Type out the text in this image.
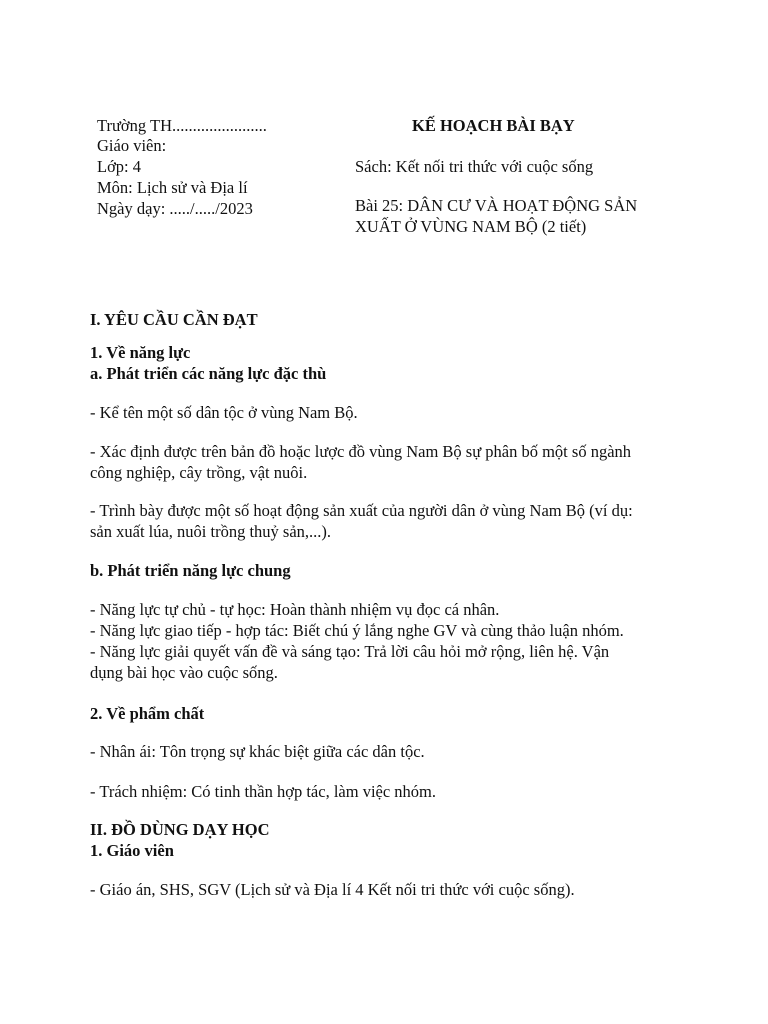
Trường TH.......................
Giáo viên:
Lớp: 4
Môn: Lịch sử và Địa lí
Ngày dạy: ...../...../2023
KẾ HOẠCH BÀI BẠY
Sách: Kết nối tri thức với cuộc sống
Bài 25: DÂN CƯ VÀ HOẠT ĐỘNG SẢN
XUẤT Ở VÙNG NAM BỘ (2 tiết)
I. YÊU CẦU CẦN ĐẠT
1. Về năng lực
a. Phát triển các năng lực đặc thù
- Kể tên một số dân tộc ở vùng Nam Bộ.
- Xác định được trên bản đồ hoặc lược đồ vùng Nam Bộ sự phân bố một số ngành
công nghiệp, cây trồng, vật nuôi.
- Trình bày được một số hoạt động sản xuất của người dân ở vùng Nam Bộ (ví dụ:
sản xuất lúa, nuôi trồng thuỷ sản,...).
b. Phát triển năng lực chung
- Năng lực tự chủ - tự học: Hoàn thành nhiệm vụ đọc cá nhân.
- Năng lực giao tiếp - hợp tác: Biết chú ý lắng nghe GV và cùng thảo luận nhóm.
- Năng lực giải quyết vấn đề và sáng tạo: Trả lời câu hỏi mở rộng, liên hệ. Vận
dụng bài học vào cuộc sống.
2. Về phẩm chất
- Nhân ái: Tôn trọng sự khác biệt giữa các dân tộc.
- Trách nhiệm: Có tinh thần hợp tác, làm việc nhóm.
II. ĐỒ DÙNG DẠY HỌC
1. Giáo viên
- Giáo án, SHS, SGV (Lịch sử và Địa lí 4 Kết nối tri thức với cuộc sống).
